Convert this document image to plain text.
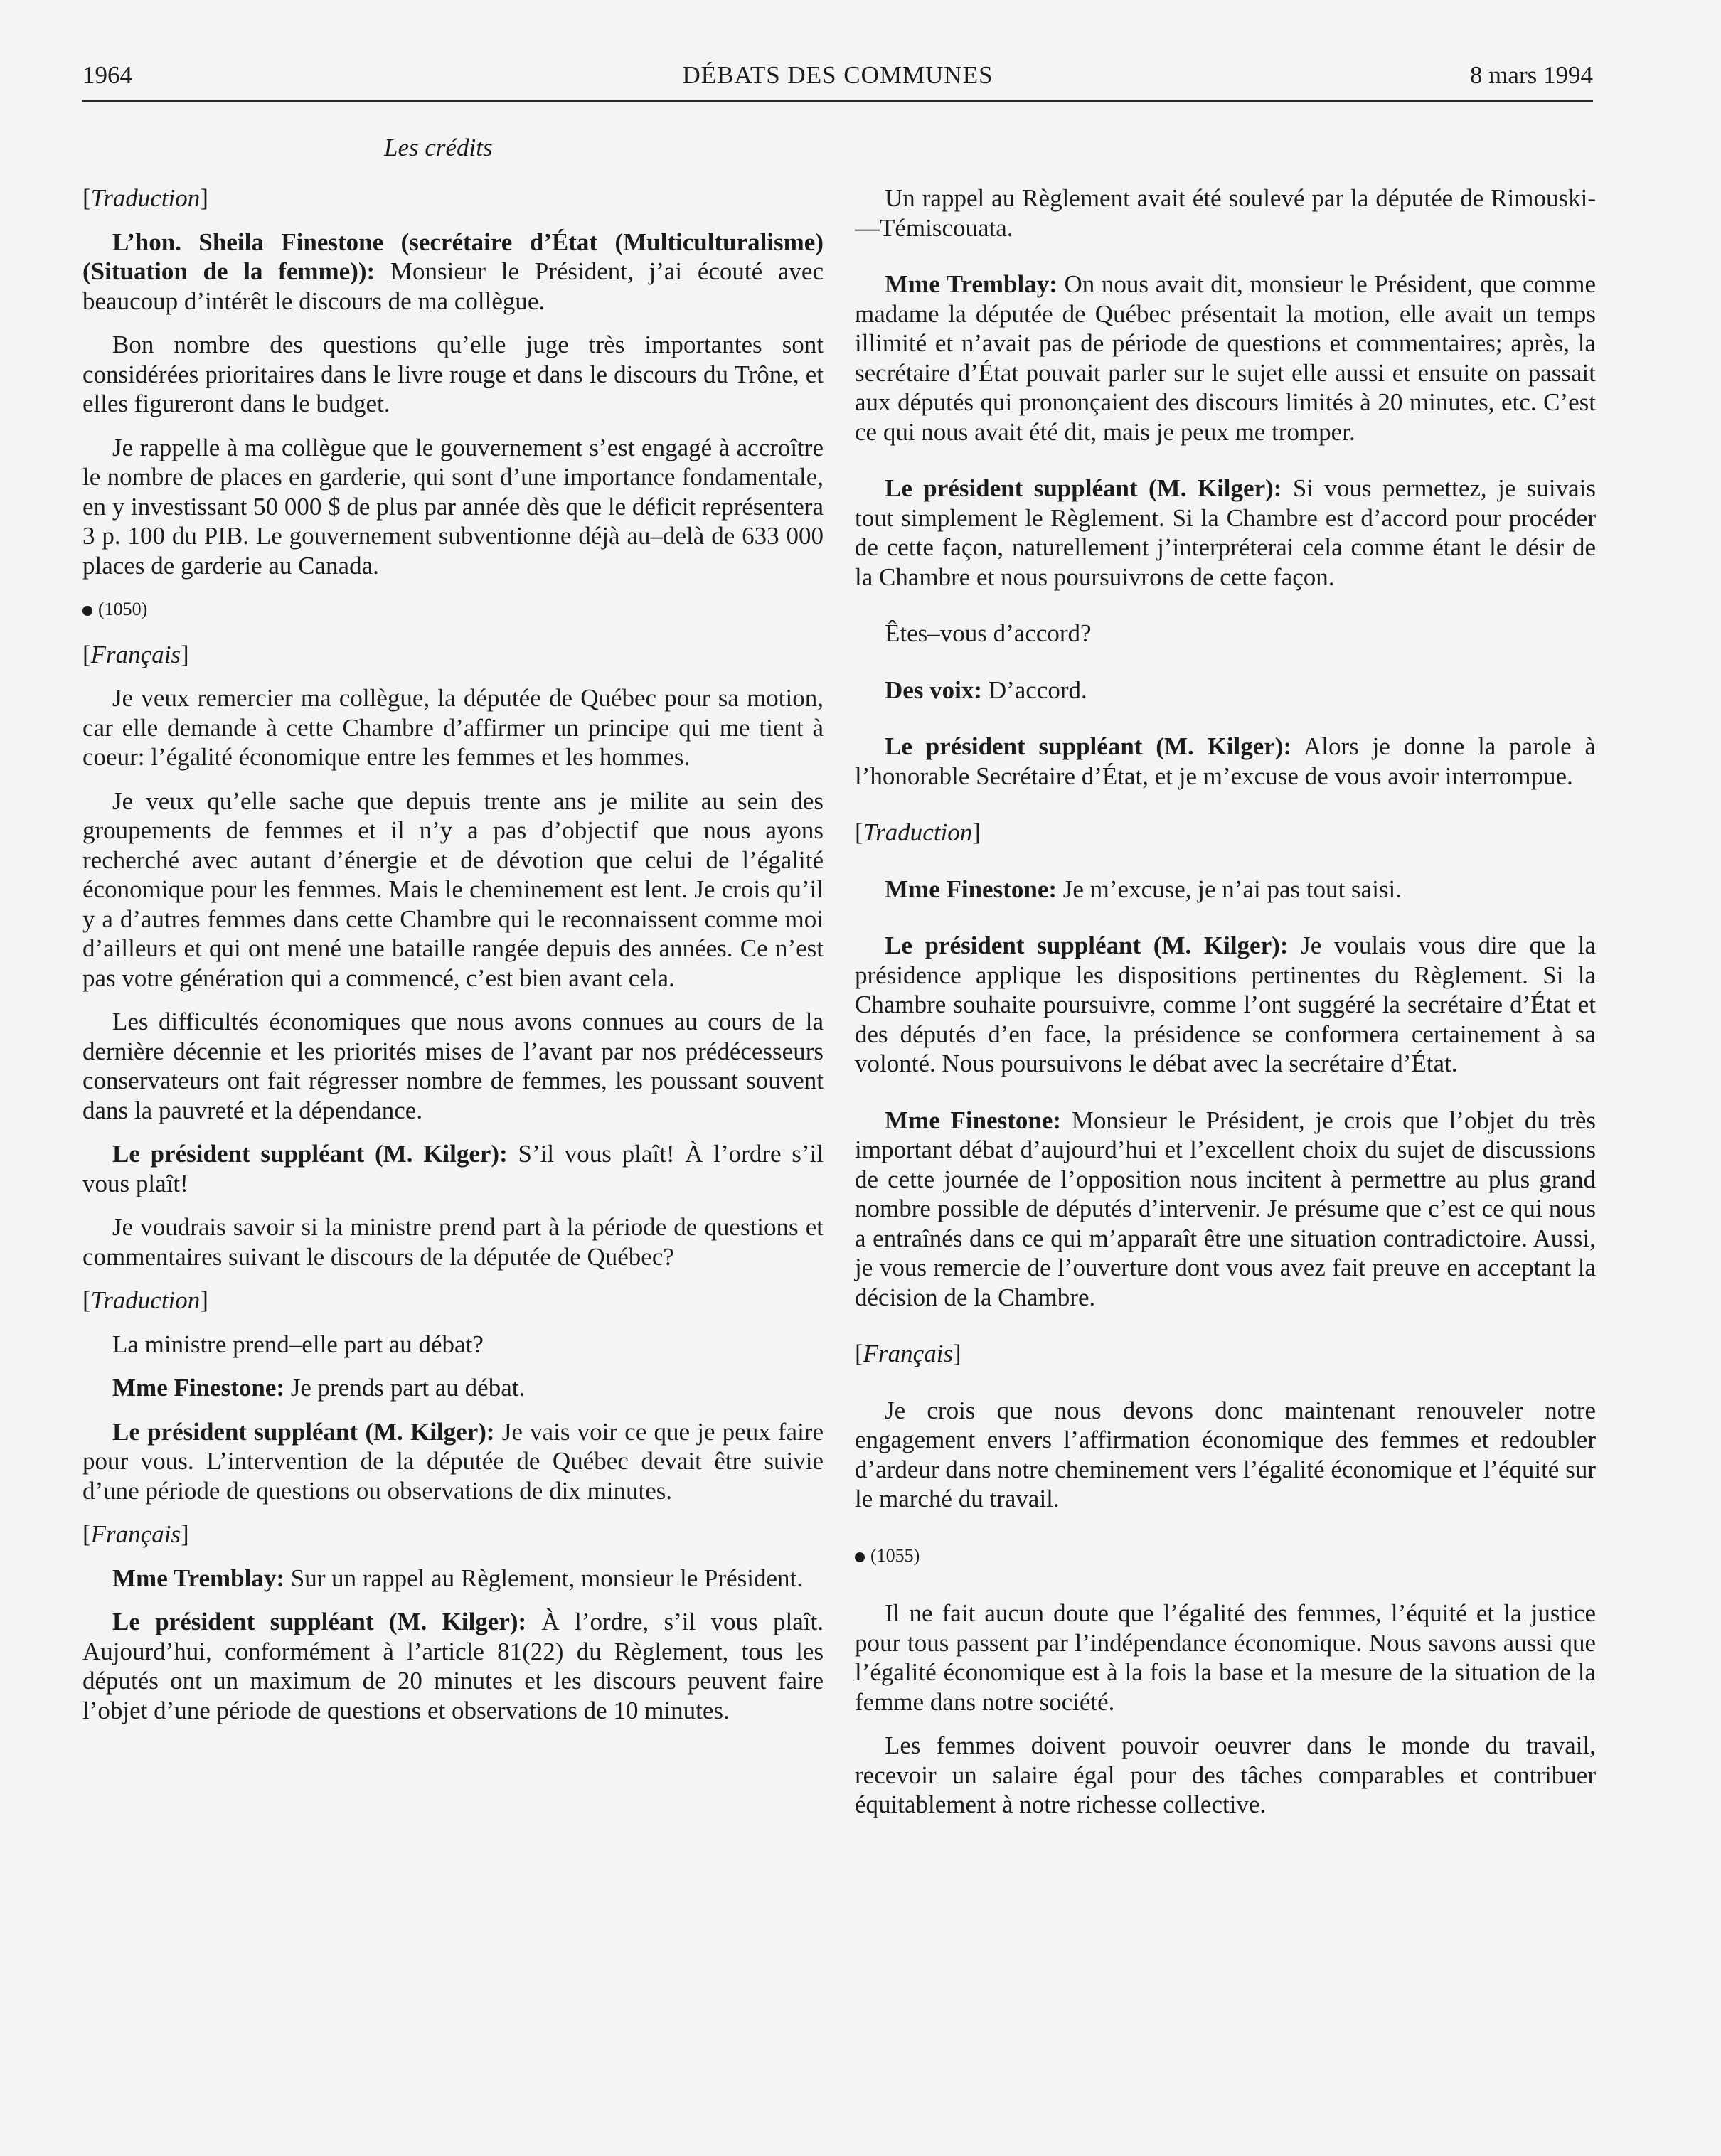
1964	DÉBATS DES COMMUNES	8 mars 1994
Les crédits

[Traduction]

L’hon. Sheila Finestone (secrétaire d’État (Multiculturalisme) (Situation de la femme)): Monsieur le Président, j’ai écouté avec beaucoup d’intérêt le discours de ma collègue.

Bon nombre des questions qu’elle juge très importantes sont considérées prioritaires dans le livre rouge et dans le discours du Trône, et elles figureront dans le budget.

Je rappelle à ma collègue que le gouvernement s’est engagé à accroître le nombre de places en garderie, qui sont d’une importance fondamentale, en y investissant 50 000 $ de plus par année dès que le déficit représentera 3 p. 100 du PIB. Le gouvernement subventionne déjà au–delà de 633 000 places de garderie au Canada.

(1050)

[Français]

Je veux remercier ma collègue, la députée de Québec pour sa motion, car elle demande à cette Chambre d’affirmer un principe qui me tient à coeur: l’égalité économique entre les femmes et les hommes.

Je veux qu’elle sache que depuis trente ans je milite au sein des groupements de femmes et il n’y a pas d’objectif que nous ayons recherché avec autant d’énergie et de dévotion que celui de l’égalité économique pour les femmes. Mais le cheminement est lent. Je crois qu’il y a d’autres femmes dans cette Chambre qui le reconnaissent comme moi d’ailleurs et qui ont mené une bataille rangée depuis des années. Ce n’est pas votre génération qui a commencé, c’est bien avant cela.

Les difficultés économiques que nous avons connues au cours de la dernière décennie et les priorités mises de l’avant par nos prédécesseurs conservateurs ont fait régresser nombre de femmes, les poussant souvent dans la pauvreté et la dépendance.

Le président suppléant (M. Kilger): S’il vous plaît! À l’ordre s’il vous plaît!

Je voudrais savoir si la ministre prend part à la période de questions et commentaires suivant le discours de la députée de Québec?

[Traduction]

La ministre prend–elle part au débat?

Mme Finestone: Je prends part au débat.

Le président suppléant (M. Kilger): Je vais voir ce que je peux faire pour vous. L’intervention de la députée de Québec devait être suivie d’une période de questions ou observations de dix minutes.

[Français]

Mme Tremblay: Sur un rappel au Règlement, monsieur le Président.

Le président suppléant (M. Kilger): À l’ordre, s’il vous plaît. Aujourd’hui, conformément à l’article 81(22) du Règlement, tous les députés ont un maximum de 20 minutes et les discours peuvent faire l’objet d’une période de questions et observations de 10 minutes.

Un rappel au Règlement avait été soulevé par la députée de Rimouski-—Témiscouata.

Mme Tremblay: On nous avait dit, monsieur le Président, que comme madame la députée de Québec présentait la motion, elle avait un temps illimité et n’avait pas de période de questions et commentaires; après, la secrétaire d’État pouvait parler sur le sujet elle aussi et ensuite on passait aux députés qui prononçaient des discours limités à 20 minutes, etc. C’est ce qui nous avait été dit, mais je peux me tromper.

Le président suppléant (M. Kilger): Si vous permettez, je suivais tout simplement le Règlement. Si la Chambre est d’accord pour procéder de cette façon, naturellement j’interpréterai cela comme étant le désir de la Chambre et nous poursuivrons de cette façon.

Êtes–vous d’accord?

Des voix: D’accord.

Le président suppléant (M. Kilger): Alors je donne la parole à l’honorable Secrétaire d’État, et je m’excuse de vous avoir interrompue.

[Traduction]

Mme Finestone: Je m’excuse, je n’ai pas tout saisi.

Le président suppléant (M. Kilger): Je voulais vous dire que la présidence applique les dispositions pertinentes du Règlement. Si la Chambre souhaite poursuivre, comme l’ont suggéré la secrétaire d’État et des députés d’en face, la présidence se conformera certainement à sa volonté. Nous poursuivons le débat avec la secrétaire d’État.

Mme Finestone: Monsieur le Président, je crois que l’objet du très important débat d’aujourd’hui et l’excellent choix du sujet de discussions de cette journée de l’opposition nous incitent à permettre au plus grand nombre possible de députés d’intervenir. Je présume que c’est ce qui nous a entraînés dans ce qui m’apparaît être une situation contradictoire. Aussi, je vous remercie de l’ouverture dont vous avez fait preuve en acceptant la décision de la Chambre.

[Français]

Je crois que nous devons donc maintenant renouveler notre engagement envers l’affirmation économique des femmes et redoubler d’ardeur dans notre cheminement vers l’égalité économique et l’équité sur le marché du travail.

(1055)

Il ne fait aucun doute que l’égalité des femmes, l’équité et la justice pour tous passent par l’indépendance économique. Nous savons aussi que l’égalité économique est à la fois la base et la mesure de la situation de la femme dans notre société.

Les femmes doivent pouvoir oeuvrer dans le monde du travail, recevoir un salaire égal pour des tâches comparables et contribuer équitablement à notre richesse collective.
